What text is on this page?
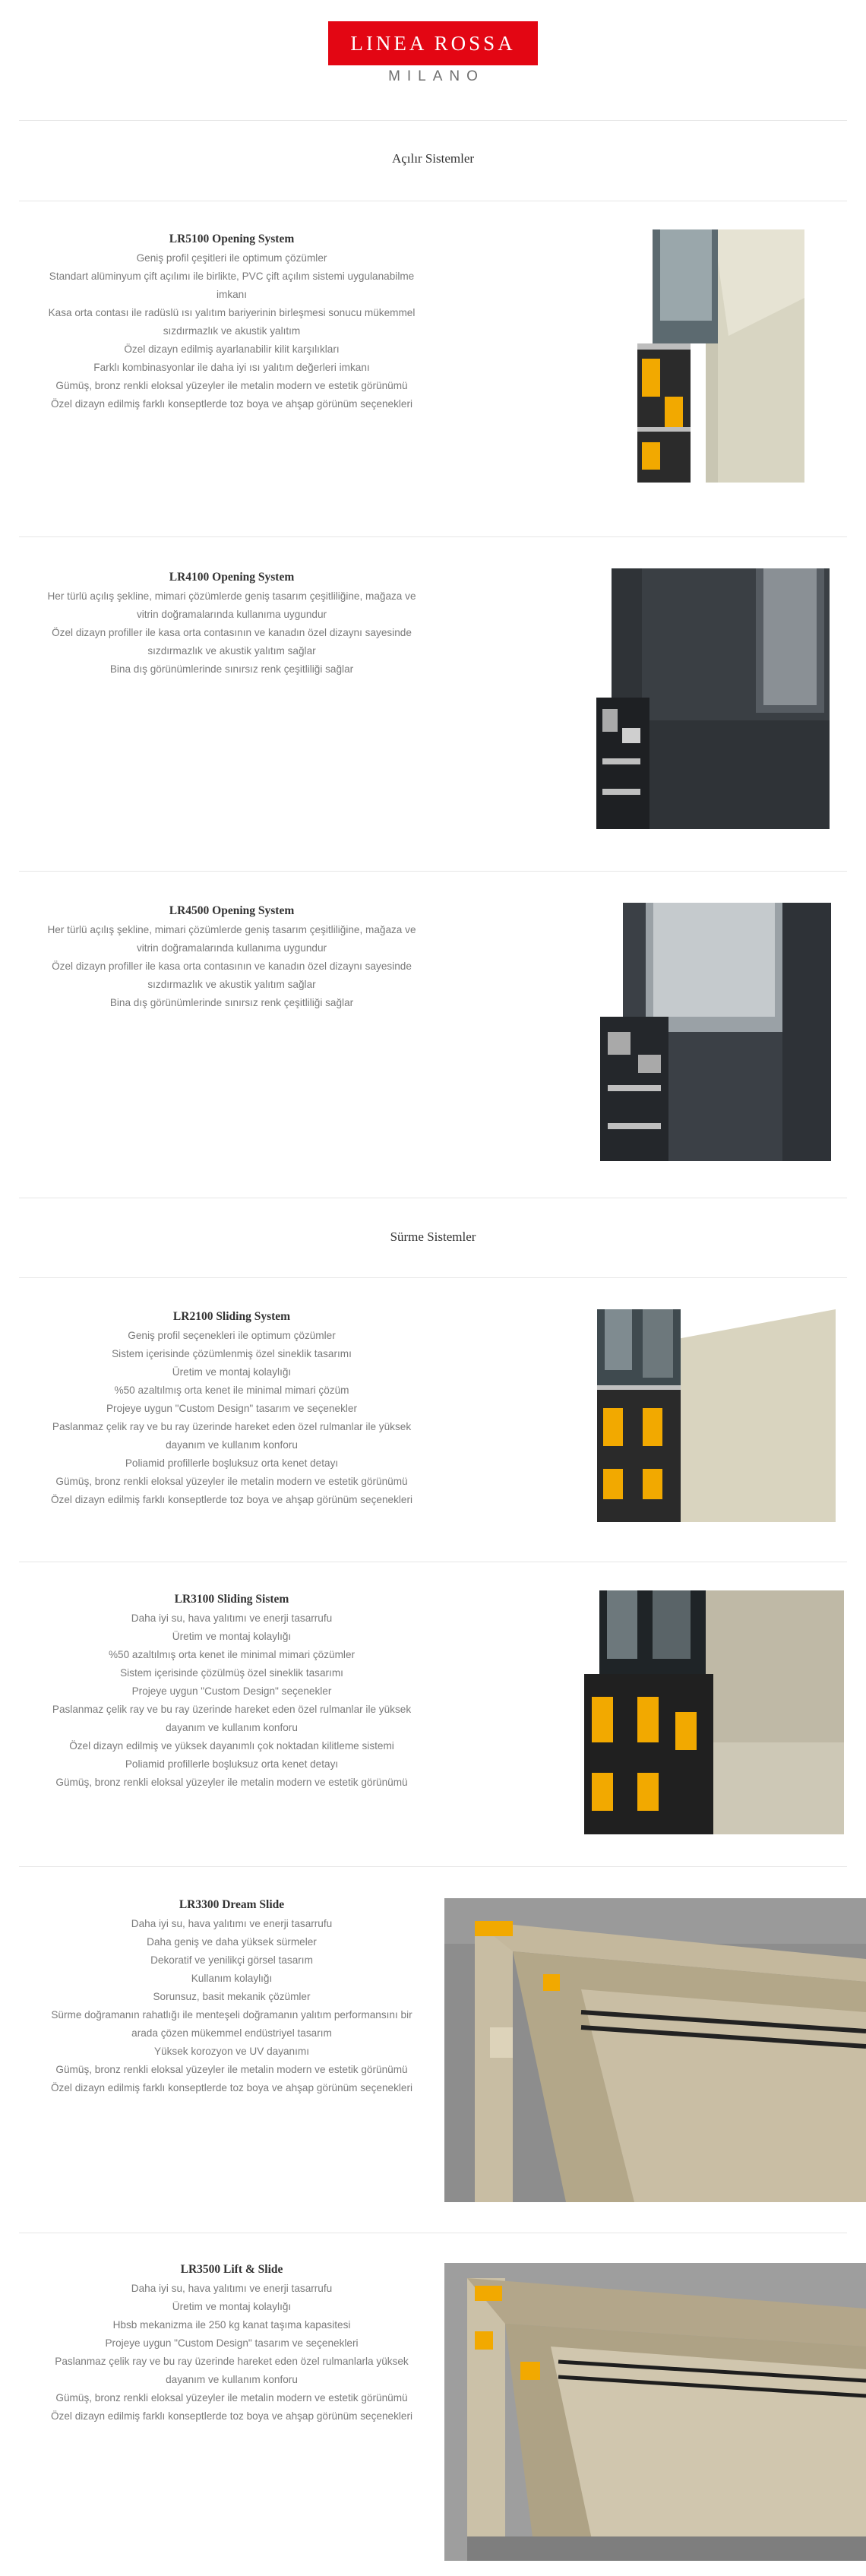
LINEA ROSSA
MILANO
Açılır Sistemler
LR5100 Opening System
Geniş profil çeşitleri ile optimum çözümler
Standart alüminyum çift açılımı ile birlikte, PVC çift açılım sistemi uygulanabilme
imkanı
Kasa orta contası ile radüslü ısı yalıtım bariyerinin birleşmesi sonucu mükemmel
sızdırmazlık ve akustik yalıtım
Özel dizayn edilmiş ayarlanabilir kilit karşılıkları
Farklı kombinasyonlar ile daha iyi ısı yalıtım değerleri imkanı
Gümüş, bronz renkli eloksal yüzeyler ile metalin modern ve estetik görünümü
Özel dizayn edilmiş farklı konseptlerde toz boya ve ahşap görünüm seçenekleri
LR4100 Opening System
Her türlü açılış şekline, mimari çözümlerde geniş tasarım çeşitliliğine, mağaza ve
vitrin doğramalarında kullanıma uygundur
Özel dizayn profiller ile kasa orta contasının ve kanadın özel dizaynı sayesinde
sızdırmazlık ve akustik yalıtım sağlar
Bina dış görünümlerinde sınırsız renk çeşitliliği sağlar
LR4500 Opening System
Her türlü açılış şekline, mimari çözümlerde geniş tasarım çeşitliliğine, mağaza ve
vitrin doğramalarında kullanıma uygundur
Özel dizayn profiller ile kasa orta contasının ve kanadın özel dizaynı sayesinde
sızdırmazlık ve akustik yalıtım sağlar
Bina dış görünümlerinde sınırsız renk çeşitliliği sağlar
Sürme Sistemler
LR2100 Sliding System
Geniş profil seçenekleri ile optimum çözümler
Sistem içerisinde çözümlenmiş özel sineklik tasarımı
Üretim ve montaj kolaylığı
%50 azaltılmış orta kenet ile minimal mimari çözüm
Projeye uygun "Custom Design" tasarım ve seçenekler
Paslanmaz çelik ray ve bu ray üzerinde hareket eden özel rulmanlar ile yüksek
dayanım ve kullanım konforu
Poliamid profillerle boşluksuz orta kenet detayı
Gümüş, bronz renkli eloksal yüzeyler ile metalin modern ve estetik görünümü
Özel dizayn edilmiş farklı konseptlerde toz boya ve ahşap görünüm seçenekleri
LR3100 Sliding Sistem
Daha iyi su, hava yalıtımı ve enerji tasarrufu
Üretim ve montaj kolaylığı
%50 azaltılmış orta kenet ile minimal mimari çözümler
Sistem içerisinde çözülmüş özel sineklik tasarımı
Projeye uygun "Custom Design" seçenekler
Paslanmaz çelik ray ve bu ray üzerinde hareket eden özel rulmanlar ile yüksek
dayanım ve kullanım konforu
Özel dizayn edilmiş ve yüksek dayanımlı çok noktadan kilitleme sistemi
Poliamid profillerle boşluksuz orta kenet detayı
Gümüş, bronz renkli eloksal yüzeyler ile metalin modern ve estetik görünümü
LR3300 Dream Slide
Daha iyi su, hava yalıtımı ve enerji tasarrufu
Daha geniş ve daha yüksek sürmeler
Dekoratif ve yenilikçi görsel tasarım
Kullanım kolaylığı
Sorunsuz, basit mekanik çözümler
Sürme doğramanın rahatlığı ile menteşeli doğramanın yalıtım performansını bir
arada çözen mükemmel endüstriyel tasarım
Yüksek korozyon ve UV dayanımı
Gümüş, bronz renkli eloksal yüzeyler ile metalin modern ve estetik görünümü
Özel dizayn edilmiş farklı konseptlerde toz boya ve ahşap görünüm seçenekleri
LR3500 Lift & Slide
Daha iyi su, hava yalıtımı ve enerji tasarrufu
Üretim ve montaj kolaylığı
Hbsb mekanizma ile 250 kg kanat taşıma kapasitesi
Projeye uygun "Custom Design" tasarım ve seçenekleri
Paslanmaz çelik ray ve bu ray üzerinde hareket eden özel rulmanlarla yüksek
dayanım ve kullanım konforu
Gümüş, bronz renkli eloksal yüzeyler ile metalin modern ve estetik görünümü
Özel dizayn edilmiş farklı konseptlerde toz boya ve ahşap görünüm seçenekleri
